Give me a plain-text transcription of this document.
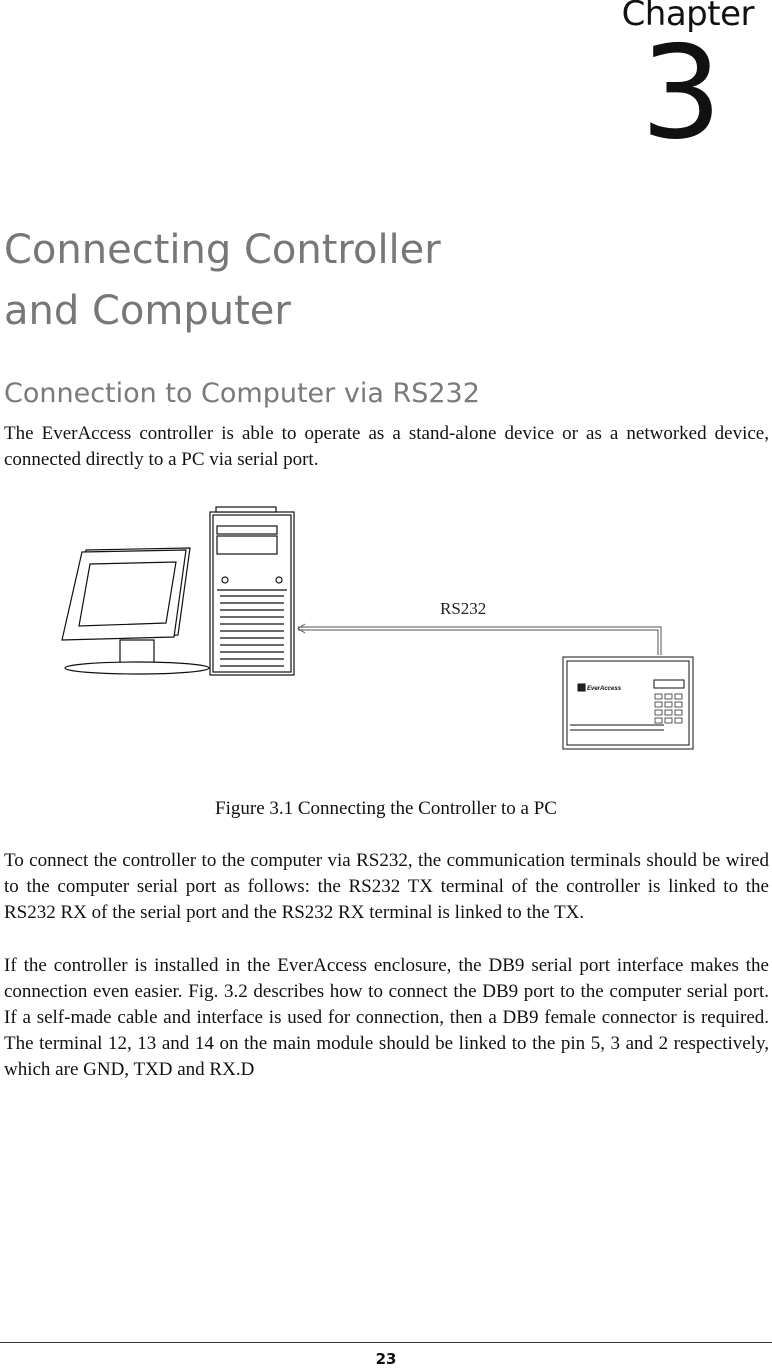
Chapter
3
Connecting Controller
and Computer
Connection to Computer via RS232

The EverAccess controller is able to operate as a stand-alone device or as a networked device, connected directly to a PC via serial port.

RS232
EverAccess

Figure 3.1 Connecting the Controller to a PC

To connect the controller to the computer via RS232, the communication terminals should be wired to the computer serial port as follows: the RS232 TX terminal of the controller is linked to the RS232 RX of the serial port and the RS232 RX terminal is linked to the TX.

If the controller is installed in the EverAccess enclosure, the DB9 serial port interface makes the connection even easier. Fig. 3.2 describes how to connect the DB9 port to the computer serial port. If a self-made cable and interface is used for connection, then a DB9 female connector is required. The terminal 12, 13 and 14 on the main module should be linked to the pin 5, 3 and 2 respectively, which are GND, TXD and RX.D

23
